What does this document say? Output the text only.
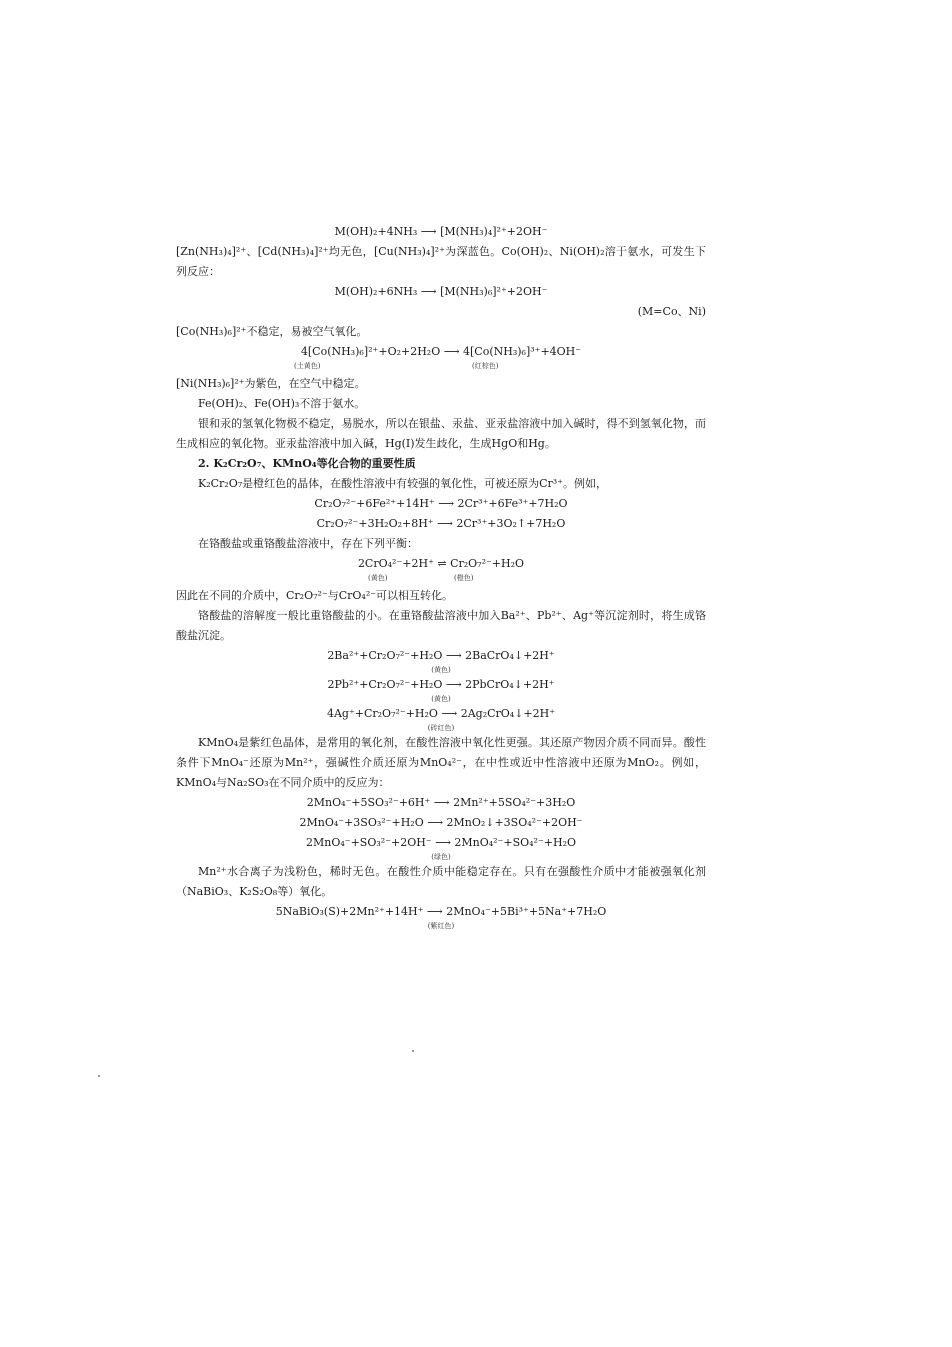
M(OH)₂+4NH₃ ⟶ [M(NH₃)₄]²⁺+2OH⁻

[Zn(NH₃)₄]²⁺、[Cd(NH₃)₄]²⁺均无色，[Cu(NH₃)₄]²⁺为深蓝色。Co(OH)₂、Ni(OH)₂溶于氨水，可发生下列反应：

M(OH)₂+6NH₃ ⟶ [M(NH₃)₆]²⁺+2OH⁻

(M=Co、Ni)

[Co(NH₃)₆]²⁺不稳定，易被空气氧化。

4[Co(NH₃)₆]²⁺+O₂+2H₂O ⟶ 4[Co(NH₃)₆]³⁺+4OH⁻

(土黄色)	(红棕色)

[Ni(NH₃)₆]²⁺为紫色，在空气中稳定。

Fe(OH)₂、Fe(OH)₃不溶于氨水。

银和汞的氢氧化物极不稳定，易脱水，所以在银盐、汞盐、亚汞盐溶液中加入碱时，得不到氢氧化物，而生成相应的氧化物。亚汞盐溶液中加入碱，Hg(Ⅰ)发生歧化，生成HgO和Hg。

2. K₂Cr₂O₇、KMnO₄等化合物的重要性质

K₂Cr₂O₇是橙红色的晶体，在酸性溶液中有较强的氧化性，可被还原为Cr³⁺。例如，

Cr₂O₇²⁻+6Fe²⁺+14H⁺ ⟶ 2Cr³⁺+6Fe³⁺+7H₂O

Cr₂O₇²⁻+3H₂O₂+8H⁺ ⟶ 2Cr³⁺+3O₂↑+7H₂O

在铬酸盐或重铬酸盐溶液中，存在下列平衡：

2CrO₄²⁻+2H⁺ ⇌ Cr₂O₇²⁻+H₂O

(黄色)	(橙色)

因此在不同的介质中，Cr₂O₇²⁻与CrO₄²⁻可以相互转化。

铬酸盐的溶解度一般比重铬酸盐的小。在重铬酸盐溶液中加入Ba²⁺、Pb²⁺、Ag⁺等沉淀剂时，将生成铬酸盐沉淀。

2Ba²⁺+Cr₂O₇²⁻+H₂O ⟶ 2BaCrO₄↓+2H⁺

(黄色)

2Pb²⁺+Cr₂O₇²⁻+H₂O ⟶ 2PbCrO₄↓+2H⁺

(黄色)

4Ag⁺+Cr₂O₇²⁻+H₂O ⟶ 2Ag₂CrO₄↓+2H⁺

(砖红色)

KMnO₄是紫红色晶体，是常用的氧化剂，在酸性溶液中氧化性更强。其还原产物因介质不同而异。酸性条件下MnO₄⁻还原为Mn²⁺，强碱性介质还原为MnO₄²⁻，在中性或近中性溶液中还原为MnO₂。例如，KMnO₄与Na₂SO₃在不同介质中的反应为：

2MnO₄⁻+5SO₃²⁻+6H⁺ ⟶ 2Mn²⁺+5SO₄²⁻+3H₂O

2MnO₄⁻+3SO₃²⁻+H₂O ⟶ 2MnO₂↓+3SO₄²⁻+2OH⁻

2MnO₄⁻+SO₃²⁻+2OH⁻ ⟶ 2MnO₄²⁻+SO₄²⁻+H₂O

(绿色)

Mn²⁺水合离子为浅粉色，稀时无色。在酸性介质中能稳定存在。只有在强酸性介质中才能被强氧化剂（NaBiO₃、K₂S₂O₈等）氧化。

5NaBiO₃(S)+2Mn²⁺+14H⁺ ⟶ 2MnO₄⁻+5Bi³⁺+5Na⁺+7H₂O

(紫红色)
